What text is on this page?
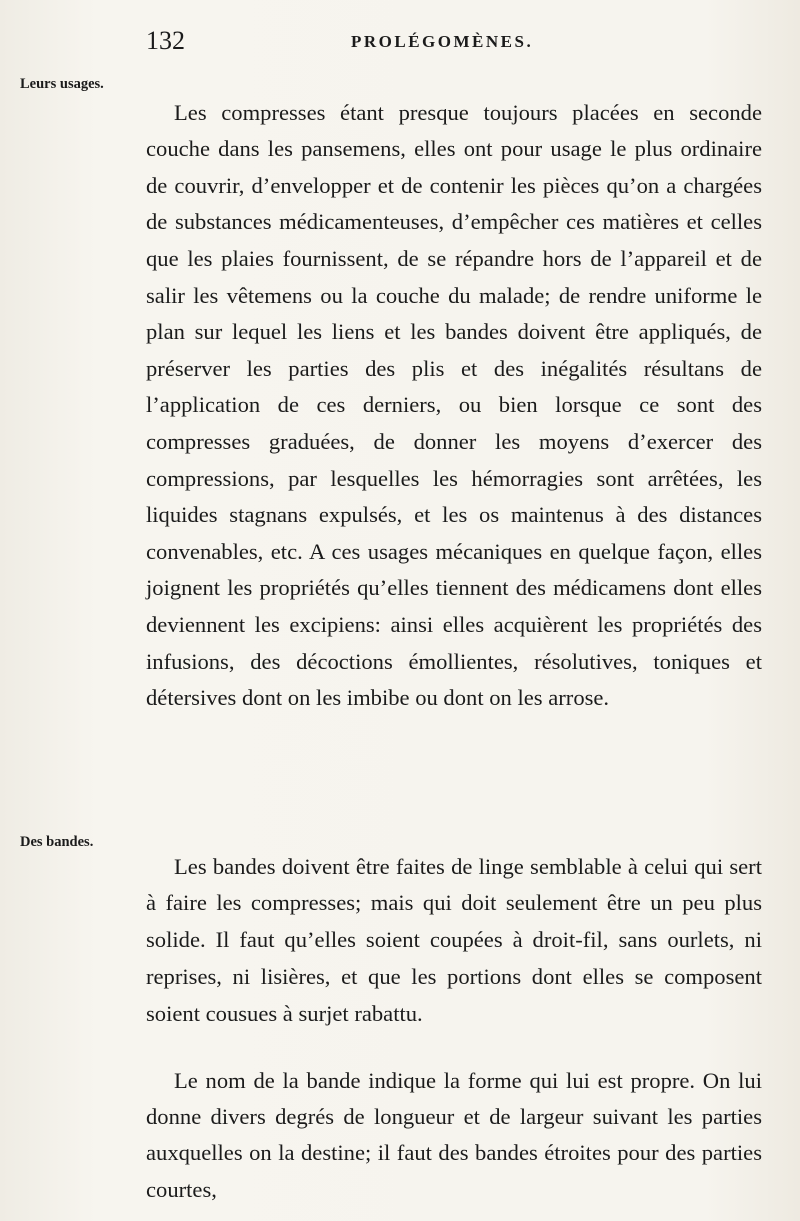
132	PROLÉGOMÈNES.
Leurs usages.
Des bandes.

Les compresses étant presque toujours placées en seconde couche dans les pansemens, elles ont pour usage le plus ordinaire de couvrir, d’envelopper et de contenir les pièces qu’on a chargées de substances médicamenteuses, d’empêcher ces matières et celles que les plaies fournissent, de se répandre hors de l’appareil et de salir les vêtemens ou la couche du malade; de rendre uniforme le plan sur lequel les liens et les bandes doivent être appliqués, de préserver les parties des plis et des inégalités résultans de l’application de ces derniers, ou bien lorsque ce sont des compresses graduées, de donner les moyens d’exercer des compressions, par lesquelles les hémorragies sont arrêtées, les liquides stagnans expulsés, et les os maintenus à des distances convenables, etc. A ces usages mécaniques en quelque façon, elles joignent les propriétés qu’elles tiennent des médicamens dont elles deviennent les excipiens: ainsi elles acquièrent les propriétés des infusions, des décoctions émollientes, résolutives, toniques et détersives dont on les imbibe ou dont on les arrose.

Les bandes doivent être faites de linge semblable à celui qui sert à faire les compresses; mais qui doit seulement être un peu plus solide. Il faut qu’elles soient coupées à droit-fil, sans ourlets, ni reprises, ni lisières, et que les portions dont elles se composent soient cousues à surjet rabattu.

Le nom de la bande indique la forme qui lui est propre. On lui donne divers degrés de longueur et de largeur suivant les parties auxquelles on la destine; il faut des bandes étroites pour des parties courtes,
